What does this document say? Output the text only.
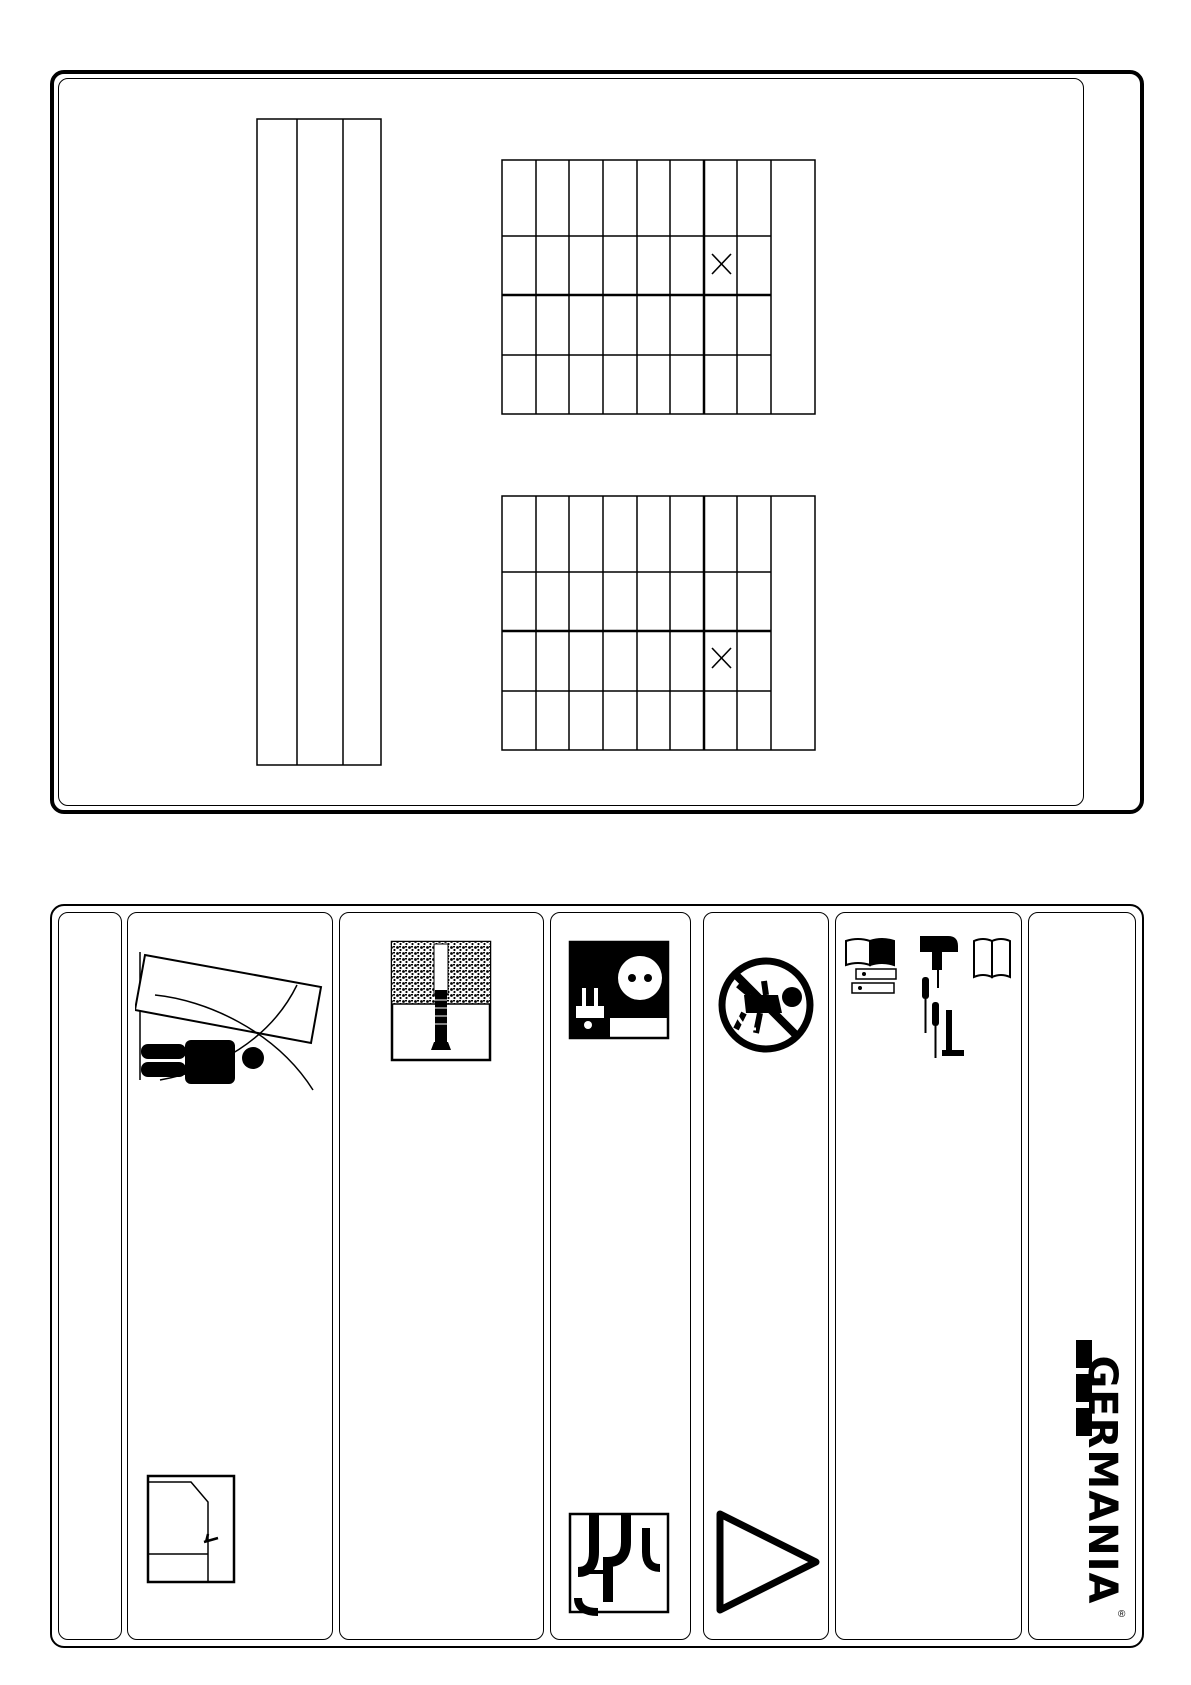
GERMANIA
®
